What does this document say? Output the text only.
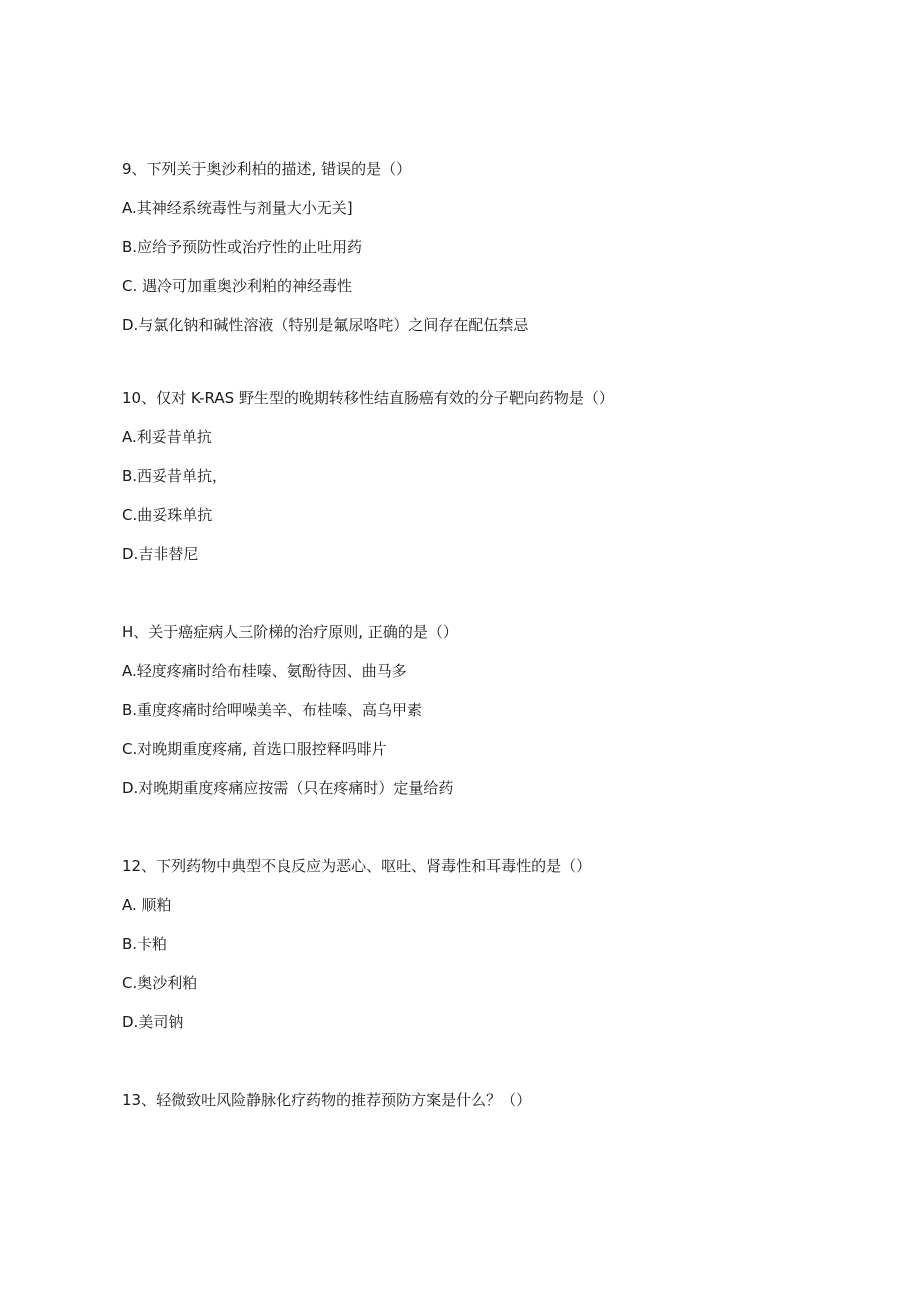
9、下列关于奥沙利柏的描述, 错误的是（）
A.其神经系统毒性与剂量大小无关]
B.应给予预防性或治疗性的止吐用药
C. 遇冷可加重奥沙利粕的神经毒性
D.与氯化钠和碱性溶液（特别是氟尿咯咤）之间存在配伍禁忌
10、仅对 K-RAS 野生型的晚期转移性结直肠癌有效的分子靶向药物是（）
A.利妥昔单抗
B.西妥昔单抗，
C.曲妥珠单抗
D.吉非替尼
H、关于癌症病人三阶梯的治疗原则, 正确的是（）
A.轻度疼痛时给布桂嗪、氨酚待因、曲马多
B.重度疼痛时给呷噪美辛、布桂嗪、高乌甲素
C.对晚期重度疼痛, 首选口服控释吗啡片
D.对晚期重度疼痛应按需（只在疼痛时）定量给药
12、下列药物中典型不良反应为恶心、呕吐、肾毒性和耳毒性的是（）
A. 顺粕
B.卡粕
C.奥沙利粕
D.美司钠
13、轻微致吐风险静脉化疗药物的推荐预防方案是什么？（）
